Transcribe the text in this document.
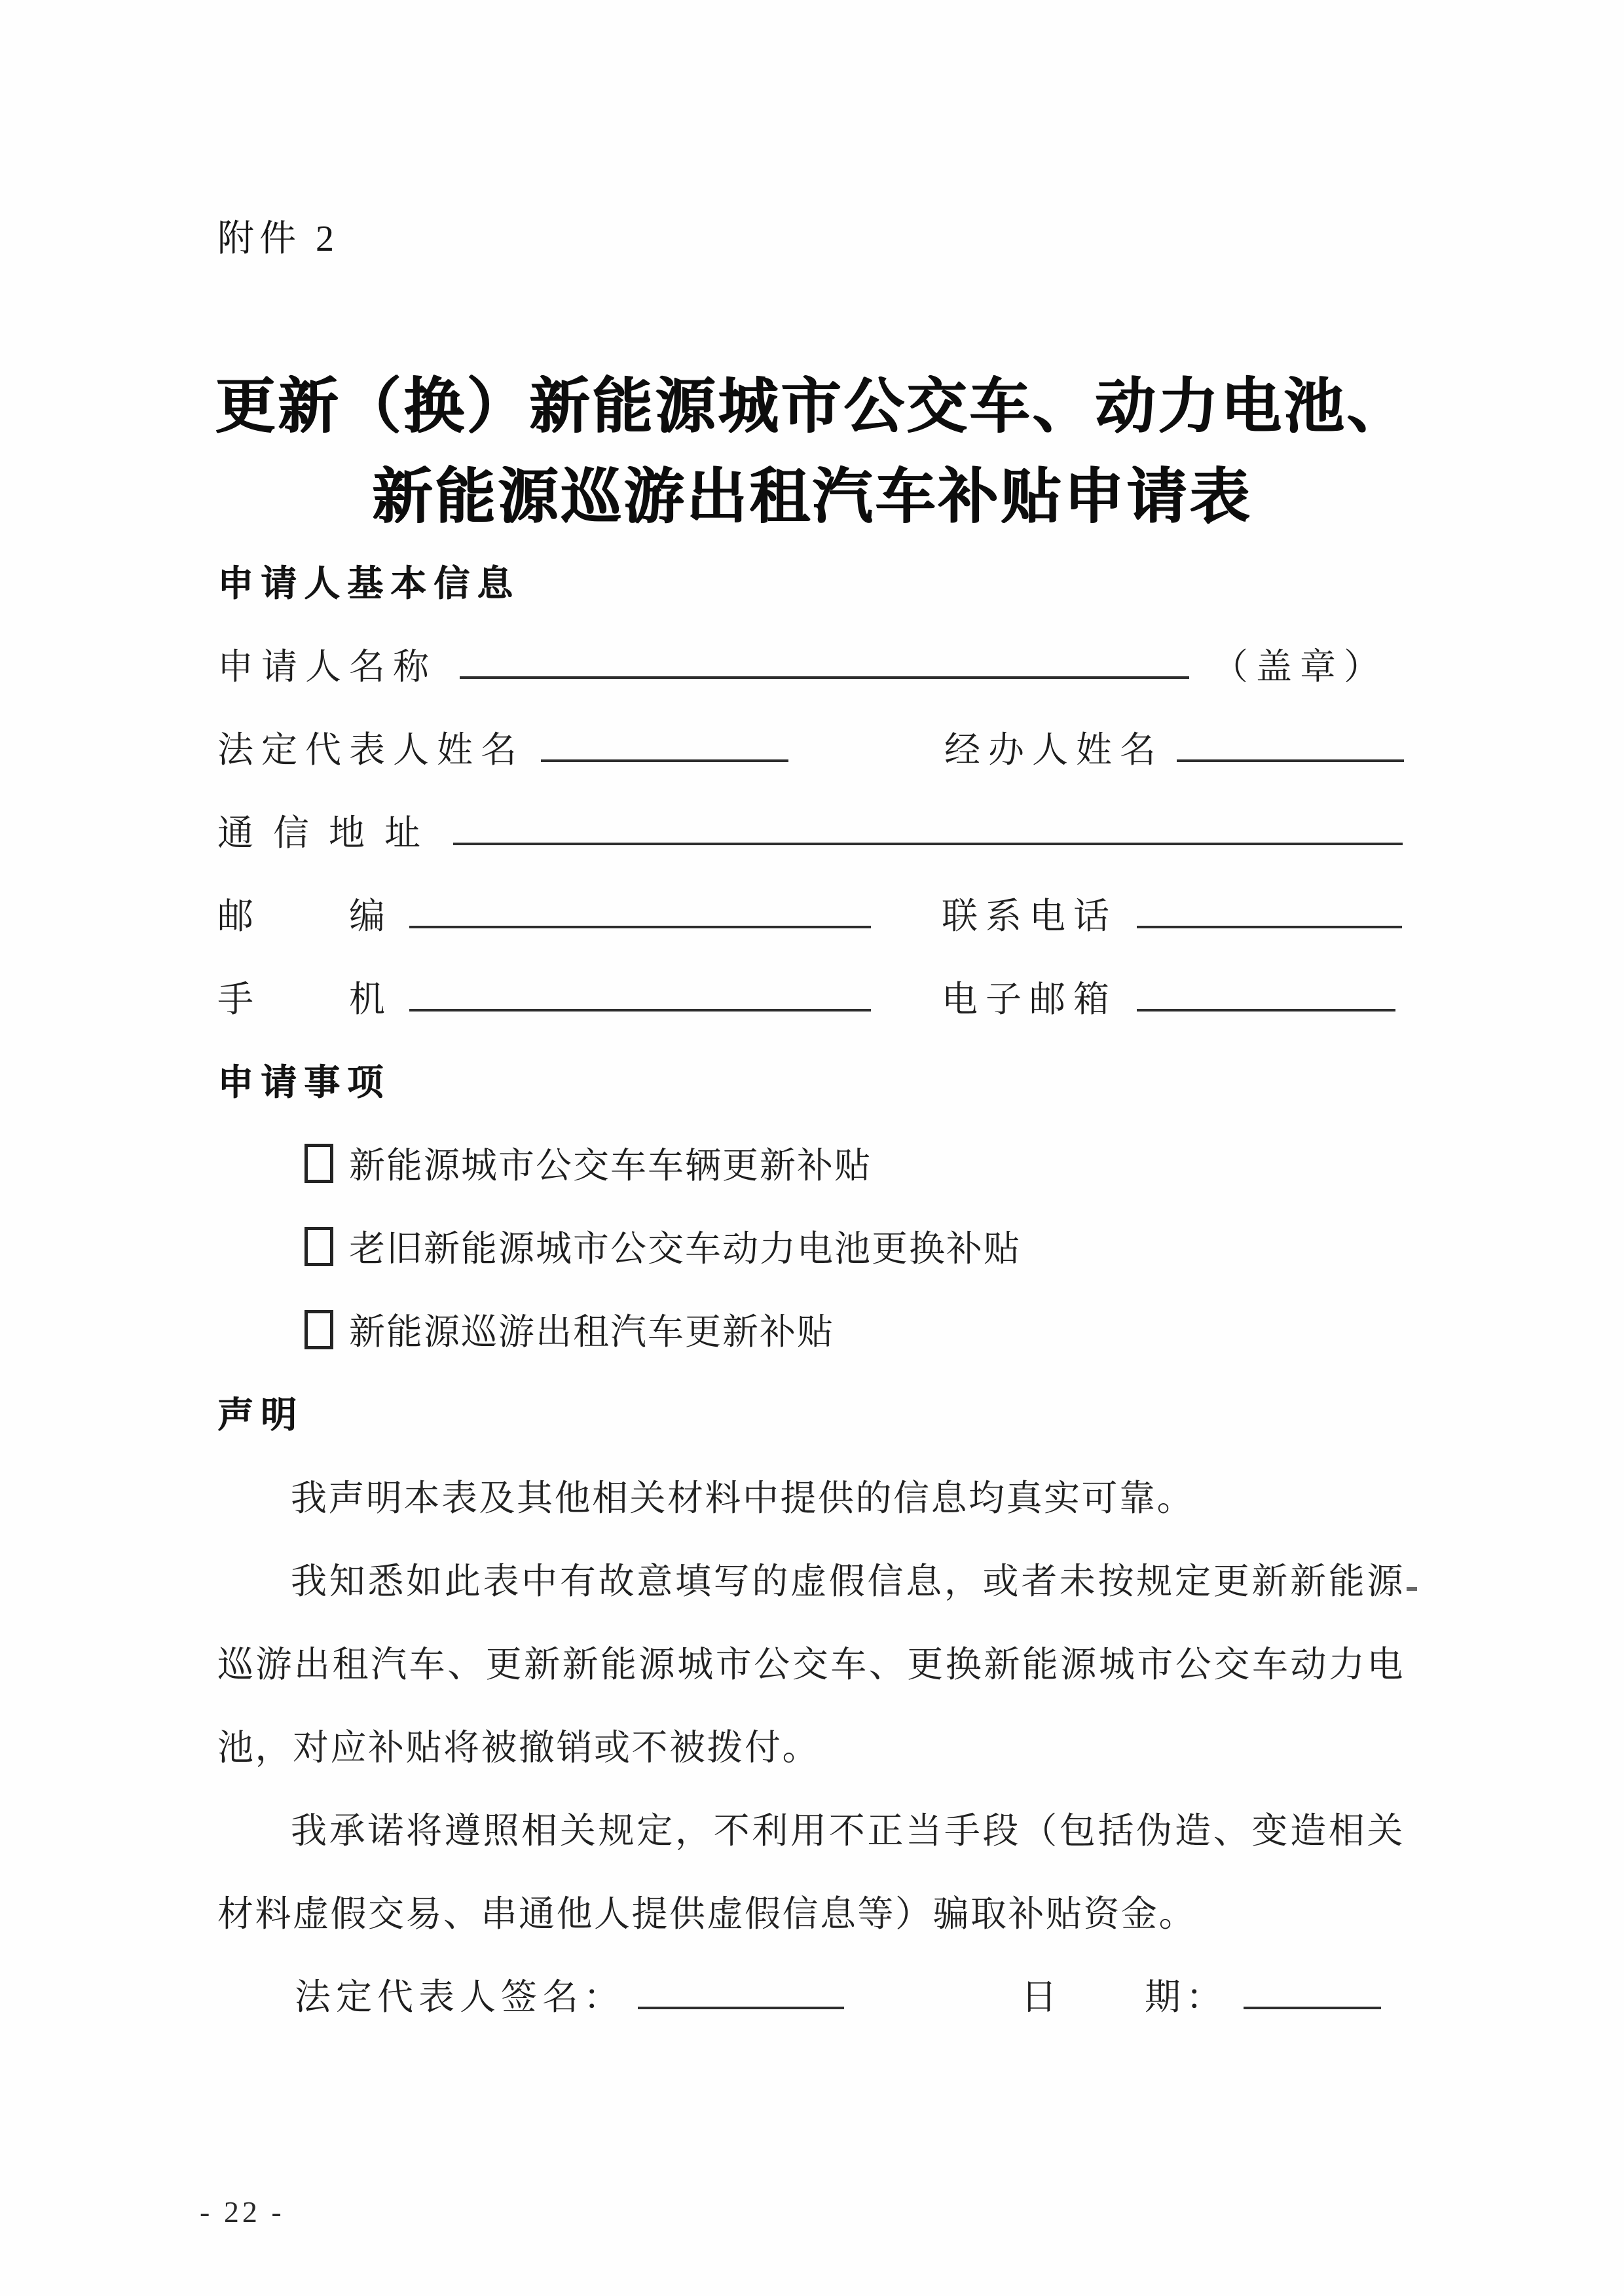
附件 2
更新（换）新能源城市公交车、动力电池、
新能源巡游出租汽车补贴申请表
申请人基本信息
申请人名称	（盖章）
法定代表人姓名	经办人姓名
通信地址
邮　　编	联系电话
手　　机	电子邮箱
申请事项
新能源城市公交车车辆更新补贴
老旧新能源城市公交车动力电池更换补贴
新能源巡游出租汽车更新补贴
声明

我声明本表及其他相关材料中提供的信息均真实可靠。

我知悉如此表中有故意填写的虚假信息，或者未按规定更新新能源巡游出租汽车、更新新能源城市公交车、更换新能源城市公交车动力电池，对应补贴将被撤销或不被拨付。

我承诺将遵照相关规定，不利用不正当手段（包括伪造、变造相关材料虚假交易、串通他人提供虚假信息等）骗取补贴资金。

法定代表人签名：	日　　期：
- 22 -
